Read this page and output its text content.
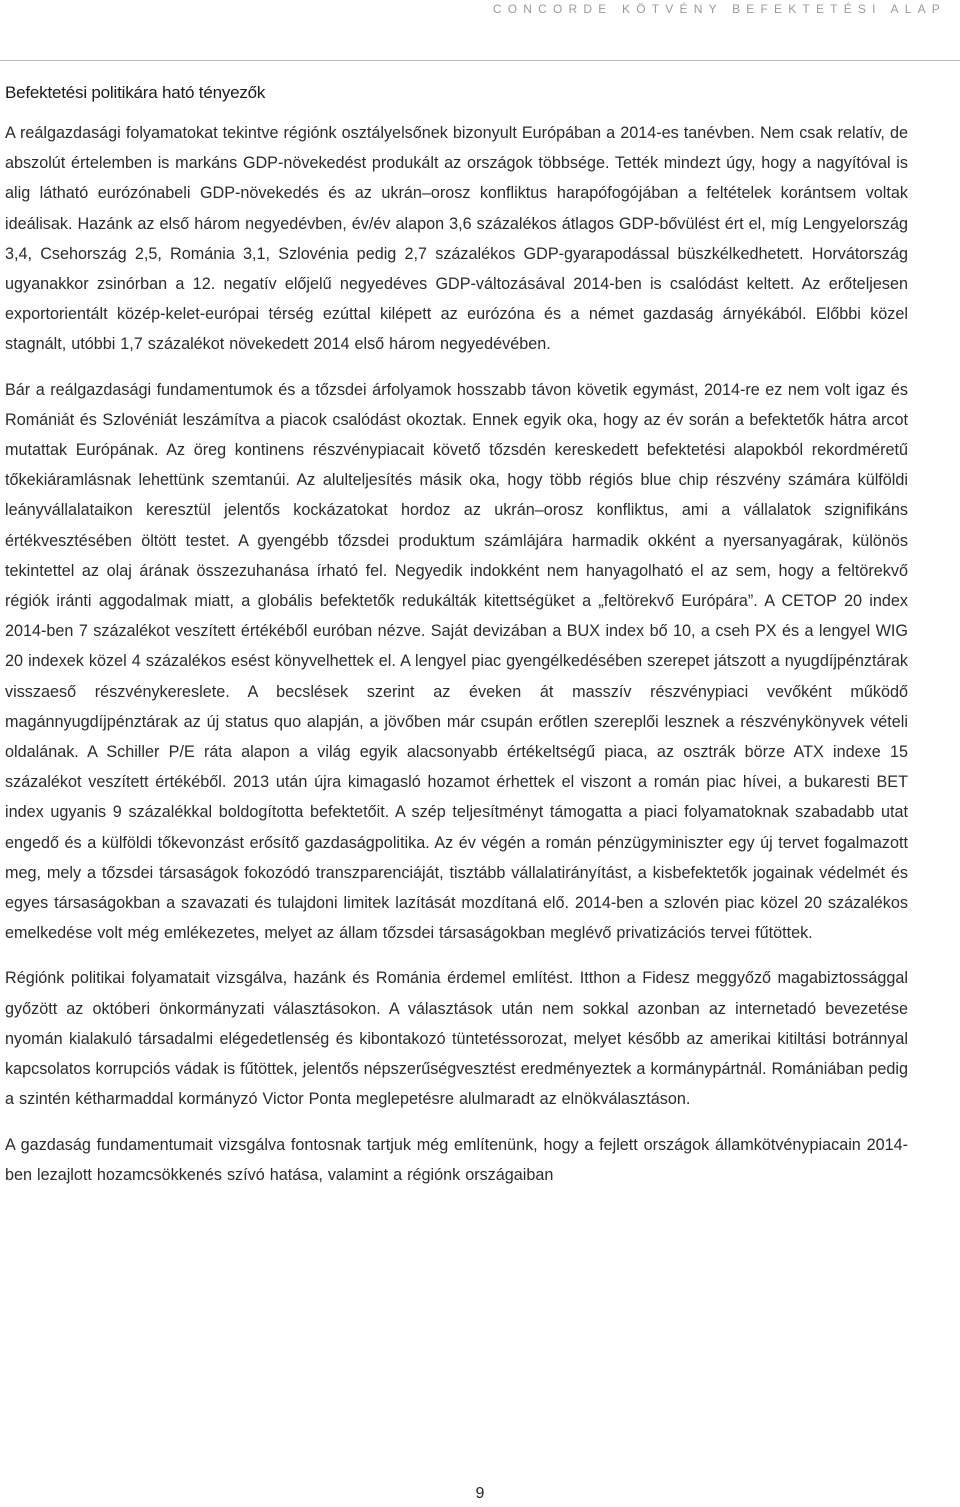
CONCORDE KÖTVÉNY BEFEKTETÉSI ALAP
Befektetési politikára ható tényezők

A reálgazdasági folyamatokat tekintve régiónk osztályelsőnek bizonyult Európában a 2014-es tanévben. Nem csak relatív, de abszolút értelemben is markáns GDP-növekedést produkált az országok többsége. Tették mindezt úgy, hogy a nagyítóval is alig látható eurózónabeli GDP-növekedés és az ukrán–orosz konfliktus harapófogójában a feltételek korántsem voltak ideálisak. Hazánk az első három negyedévben, év/év alapon 3,6 százalékos átlagos GDP-bővülést ért el, míg Lengyelország 3,4, Csehország 2,5, Románia 3,1, Szlovénia pedig 2,7 százalékos GDP-gyarapodással büszkélkedhetett. Horvátország ugyanakkor zsinórban a 12. negatív előjelű negyedéves GDP-változásával 2014-ben is csalódást keltett. Az erőteljesen exportorientált közép-kelet-európai térség ezúttal kilépett az eurózóna és a német gazdaság árnyékából. Előbbi közel stagnált, utóbbi 1,7 százalékot növekedett 2014 első három negyedévében.

Bár a reálgazdasági fundamentumok és a tőzsdei árfolyamok hosszabb távon követik egymást, 2014-re ez nem volt igaz és Romániát és Szlovéniát leszámítva a piacok csalódást okoztak. Ennek egyik oka, hogy az év során a befektetők hátra arcot mutattak Európának. Az öreg kontinens részvénypiacait követő tőzsdén kereskedett befektetési alapokból rekordméretű tőkekiáramlásnak lehettünk szemtanúi. Az alulteljesítés másik oka, hogy több régiós blue chip részvény számára külföldi leányvállalataikon keresztül jelentős kockázatokat hordoz az ukrán–orosz konfliktus, ami a vállalatok szignifikáns értékvesztésében öltött testet. A gyengébb tőzsdei produktum számlájára harmadik okként a nyersanyagárak, különös tekintettel az olaj árának összezuhanása írható fel. Negyedik indokként nem hanyagolható el az sem, hogy a feltörekvő régiók iránti aggodalmak miatt, a globális befektetők redukálták kitettségüket a „feltörekvő Európára”. A CETOP 20 index 2014-ben 7 százalékot veszített értékéből euróban nézve. Saját devizában a BUX index bő 10, a cseh PX és a lengyel WIG 20 indexek közel 4 százalékos esést könyvelhettek el. A lengyel piac gyengélkedésében szerepet játszott a nyugdíjpénztárak visszaeső részvénykereslete. A becslések szerint az éveken át masszív részvénypiaci vevőként működő magánnyugdíjpénztárak az új status quo alapján, a jövőben már csupán erőtlen szereplői lesznek a részvénykönyvek vételi oldalának. A Schiller P/E ráta alapon a világ egyik alacsonyabb értékeltségű piaca, az osztrák börze ATX indexe 15 százalékot veszített értékéből. 2013 után újra kimagasló hozamot érhettek el viszont a román piac hívei, a bukaresti BET index ugyanis 9 százalékkal boldogította befektetőit. A szép teljesítményt támogatta a piaci folyamatoknak szabadabb utat engedő és a külföldi tőkevonzást erősítő gazdaságpolitika. Az év végén a román pénzügyminiszter egy új tervet fogalmazott meg, mely a tőzsdei társaságok fokozódó transzparenciáját, tisztább vállalatirányítást, a kisbefektetők jogainak védelmét és egyes társaságokban a szavazati és tulajdoni limitek lazítását mozdítaná elő. 2014-ben a szlovén piac közel 20 százalékos emelkedése volt még emlékezetes, melyet az állam tőzsdei társaságokban meglévő privatizációs tervei fűtöttek.

Régiónk politikai folyamatait vizsgálva, hazánk és Románia érdemel említést. Itthon a Fidesz meggyőző magabiztossággal győzött az októberi önkormányzati választásokon. A választások után nem sokkal azonban az internetadó bevezetése nyomán kialakuló társadalmi elégedetlenség és kibontakozó tüntetéssorozat, melyet később az amerikai kitiltási botránnyal kapcsolatos korrupciós vádak is fűtöttek, jelentős népszerűségvesztést eredményeztek a kormánypártnál. Romániában pedig a szintén kétharmaddal kormányzó Victor Ponta meglepetésre alulmaradt az elnökválasztáson.

A gazdaság fundamentumait vizsgálva fontosnak tartjuk még említenünk, hogy a fejlett országok államkötvénypiacain 2014-ben lezajlott hozamcsökkenés szívó hatása, valamint a régiónk országaiban

9
